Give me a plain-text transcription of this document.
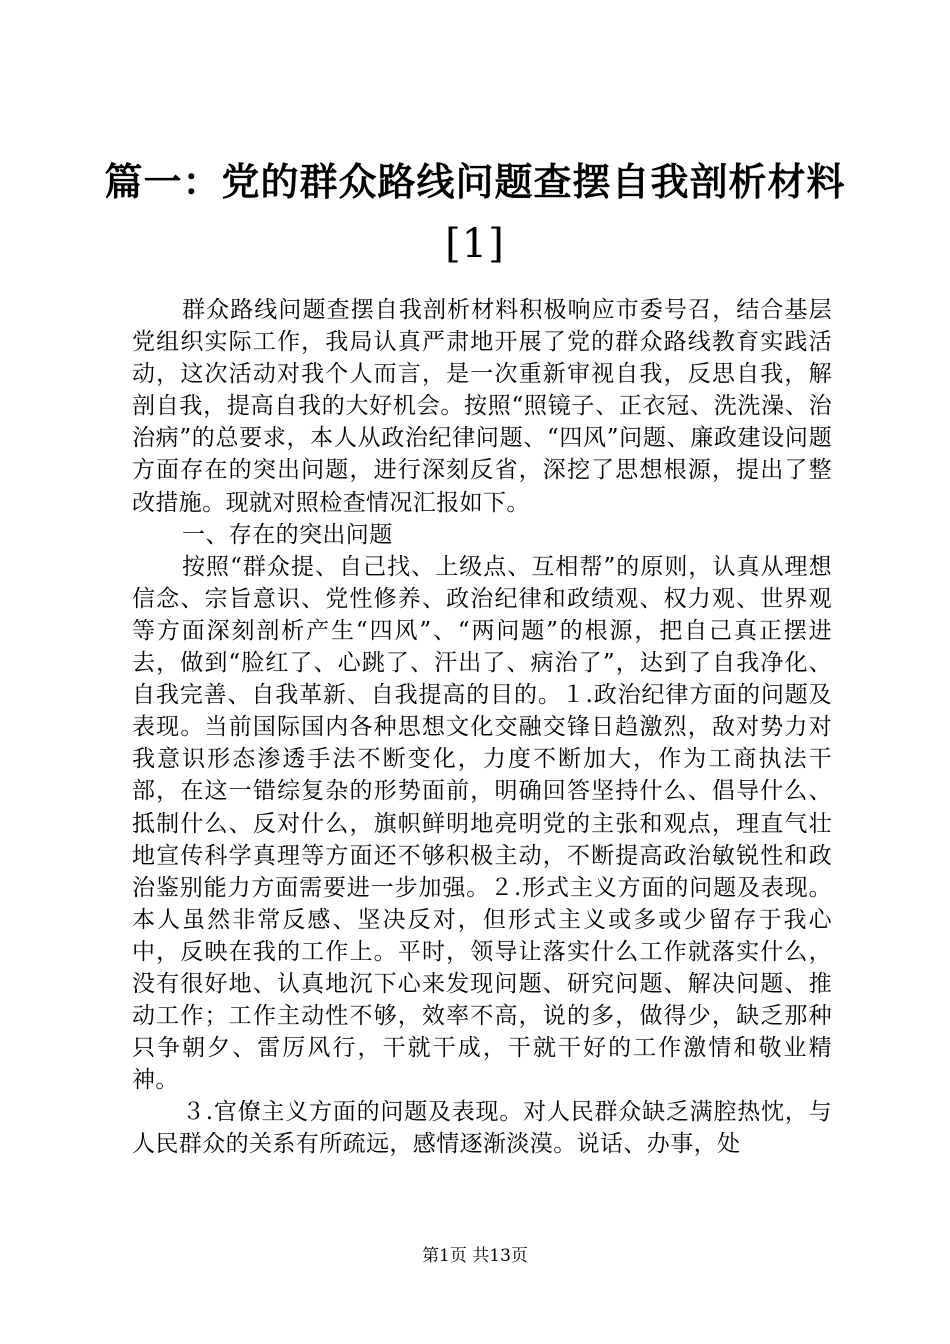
篇一：党的群众路线问题查摆自我剖析材料
[1]

群众路线问题查摆自我剖析材料积极响应市委号召，结合基层党组织实际工作，我局认真严肃地开展了党的群众路线教育实践活动，这次活动对我个人而言，是一次重新审视自我，反思自我，解剖自我，提高自我的大好机会。按照“照镜子、正衣冠、洗洗澡、治治病”的总要求，本人从政治纪律问题、“四风”问题、廉政建设问题方面存在的突出问题，进行深刻反省，深挖了思想根源，提出了整改措施。现就对照检查情况汇报如下。

一、存在的突出问题

按照“群众提、自己找、上级点、互相帮”的原则，认真从理想信念、宗旨意识、党性修养、政治纪律和政绩观、权力观、世界观等方面深刻剖析产生“四风”、“两问题”的根源，把自己真正摆进去，做到“脸红了、心跳了、汗出了、病治了”，达到了自我净化、自我完善、自我革新、自我提高的目的。１.政治纪律方面的问题及表现。当前国际国内各种思想文化交融交锋日趋激烈，敌对势力对我意识形态渗透手法不断变化，力度不断加大，作为工商执法干部，在这一错综复杂的形势面前，明确回答坚持什么、倡导什么、抵制什么、反对什么，旗帜鲜明地亮明党的主张和观点，理直气壮地宣传科学真理等方面还不够积极主动，不断提高政治敏锐性和政治鉴别能力方面需要进一步加强。２.形式主义方面的问题及表现。本人虽然非常反感、坚决反对，但形式主义或多或少留存于我心中，反映在我的工作上。平时，领导让落实什么工作就落实什么，没有很好地、认真地沉下心来发现问题、研究问题、解决问题、推动工作；工作主动性不够，效率不高，说的多，做得少，缺乏那种只争朝夕、雷厉风行，干就干成，干就干好的工作激情和敬业精神。

３.官僚主义方面的问题及表现。对人民群众缺乏满腔热忱，与人民群众的关系有所疏远，感情逐渐淡漠。说话、办事，处

第1页 共13页
